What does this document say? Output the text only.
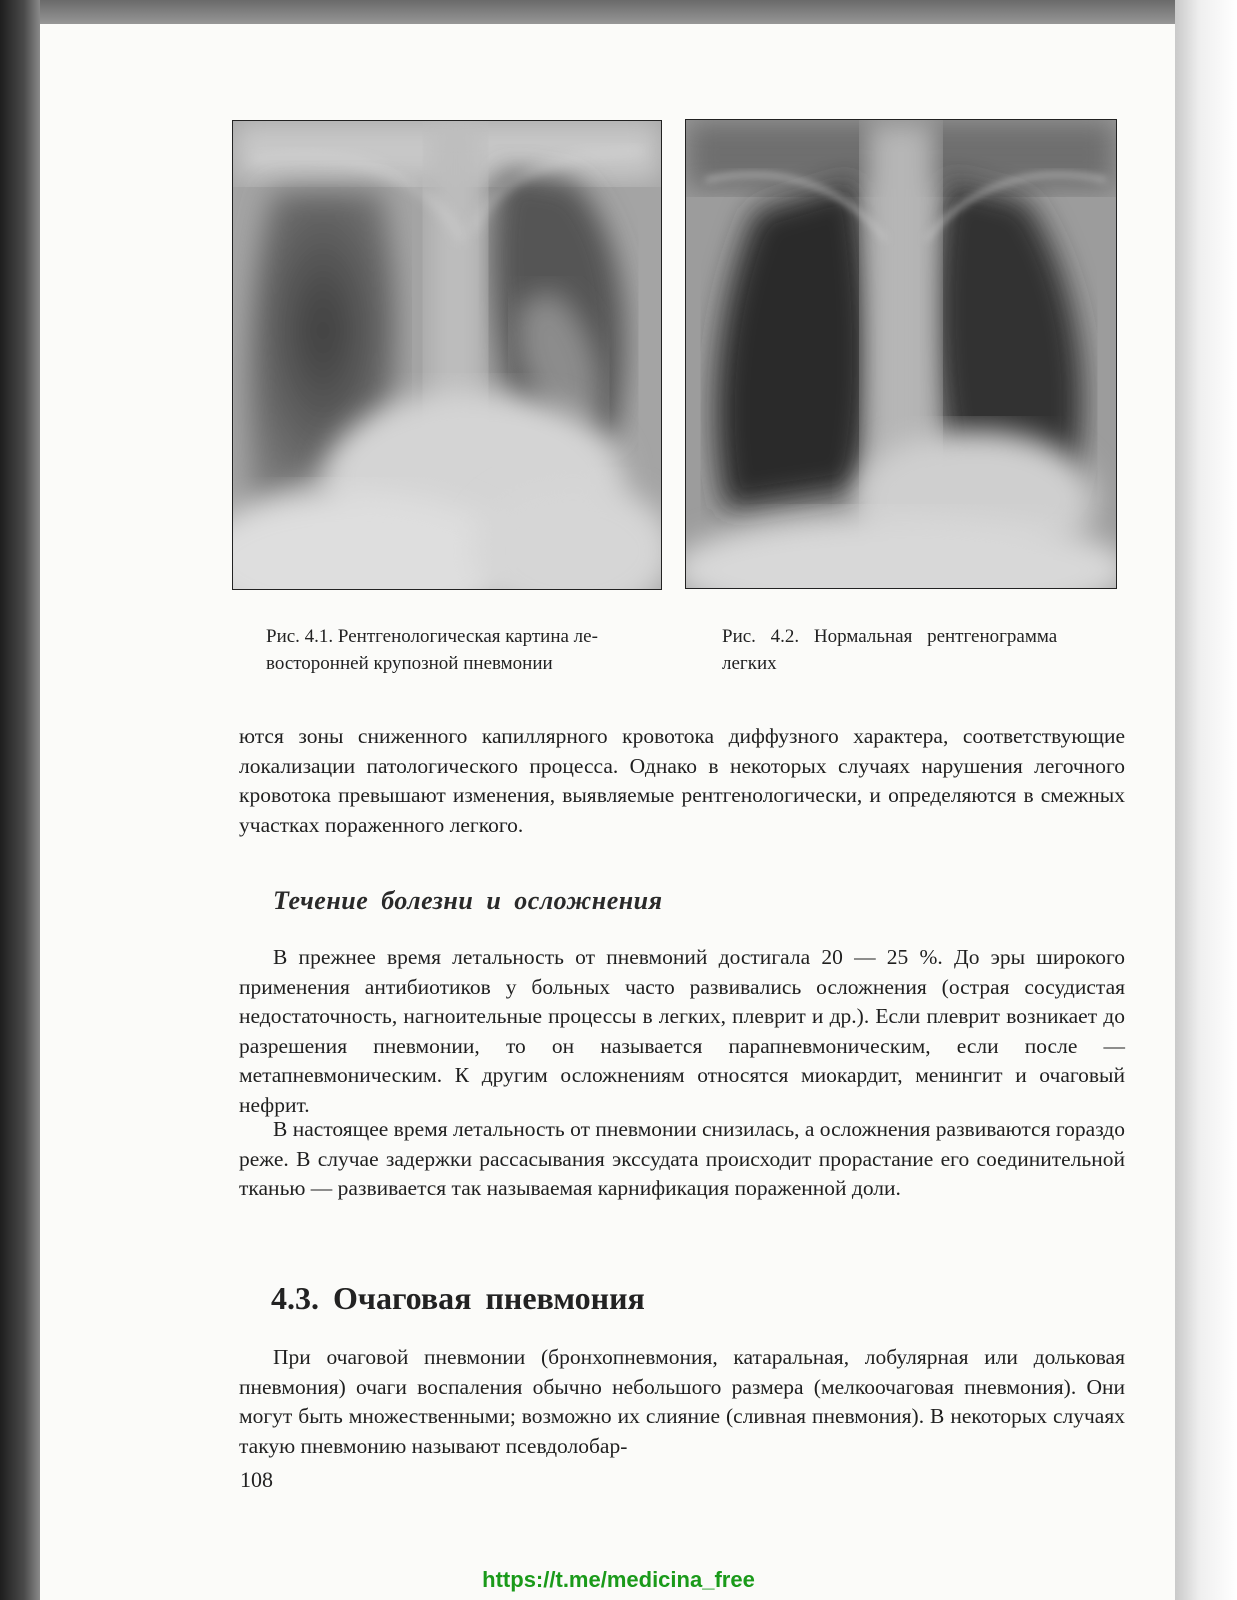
Рис. 4.1. Рентгенологическая картина ле-
восторонней крупозной пневмонии
Рис. 4.2. Нормальная рентгенограмма
легких
ются зоны сниженного капиллярного кровотока диффузного характера, соответствующие локализации патологического процесса. Однако в некоторых случаях нарушения легочного кровотока превышают изменения, выявляемые рентгенологически, и определяются в смежных участках пораженного легкого.
Течение болезни и осложнения
В прежнее время летальность от пневмоний достигала 20 — 25 %. До эры широкого применения антибиотиков у больных часто развивались осложнения (острая сосудистая недостаточность, нагноительные процессы в легких, плеврит и др.). Если плеврит возникает до разрешения пневмонии, то он называется парапневмоническим, если после — метапневмоническим. К другим осложнениям относятся миокардит, менингит и очаговый нефрит.
В настоящее время летальность от пневмонии снизилась, а осложнения развиваются гораздо реже. В случае задержки рассасывания экссудата происходит прорастание его соединительной тканью — развивается так называемая карнификация пораженной доли.
4.3. Очаговая пневмония
При очаговой пневмонии (бронхопневмония, катаральная, лобулярная или дольковая пневмония) очаги воспаления обычно небольшого размера (мелкоочаговая пневмония). Они могут быть множественными; возможно их слияние (сливная пневмония). В некоторых случаях такую пневмонию называют псевдолобар-
108
https://t.me/medicina_free
